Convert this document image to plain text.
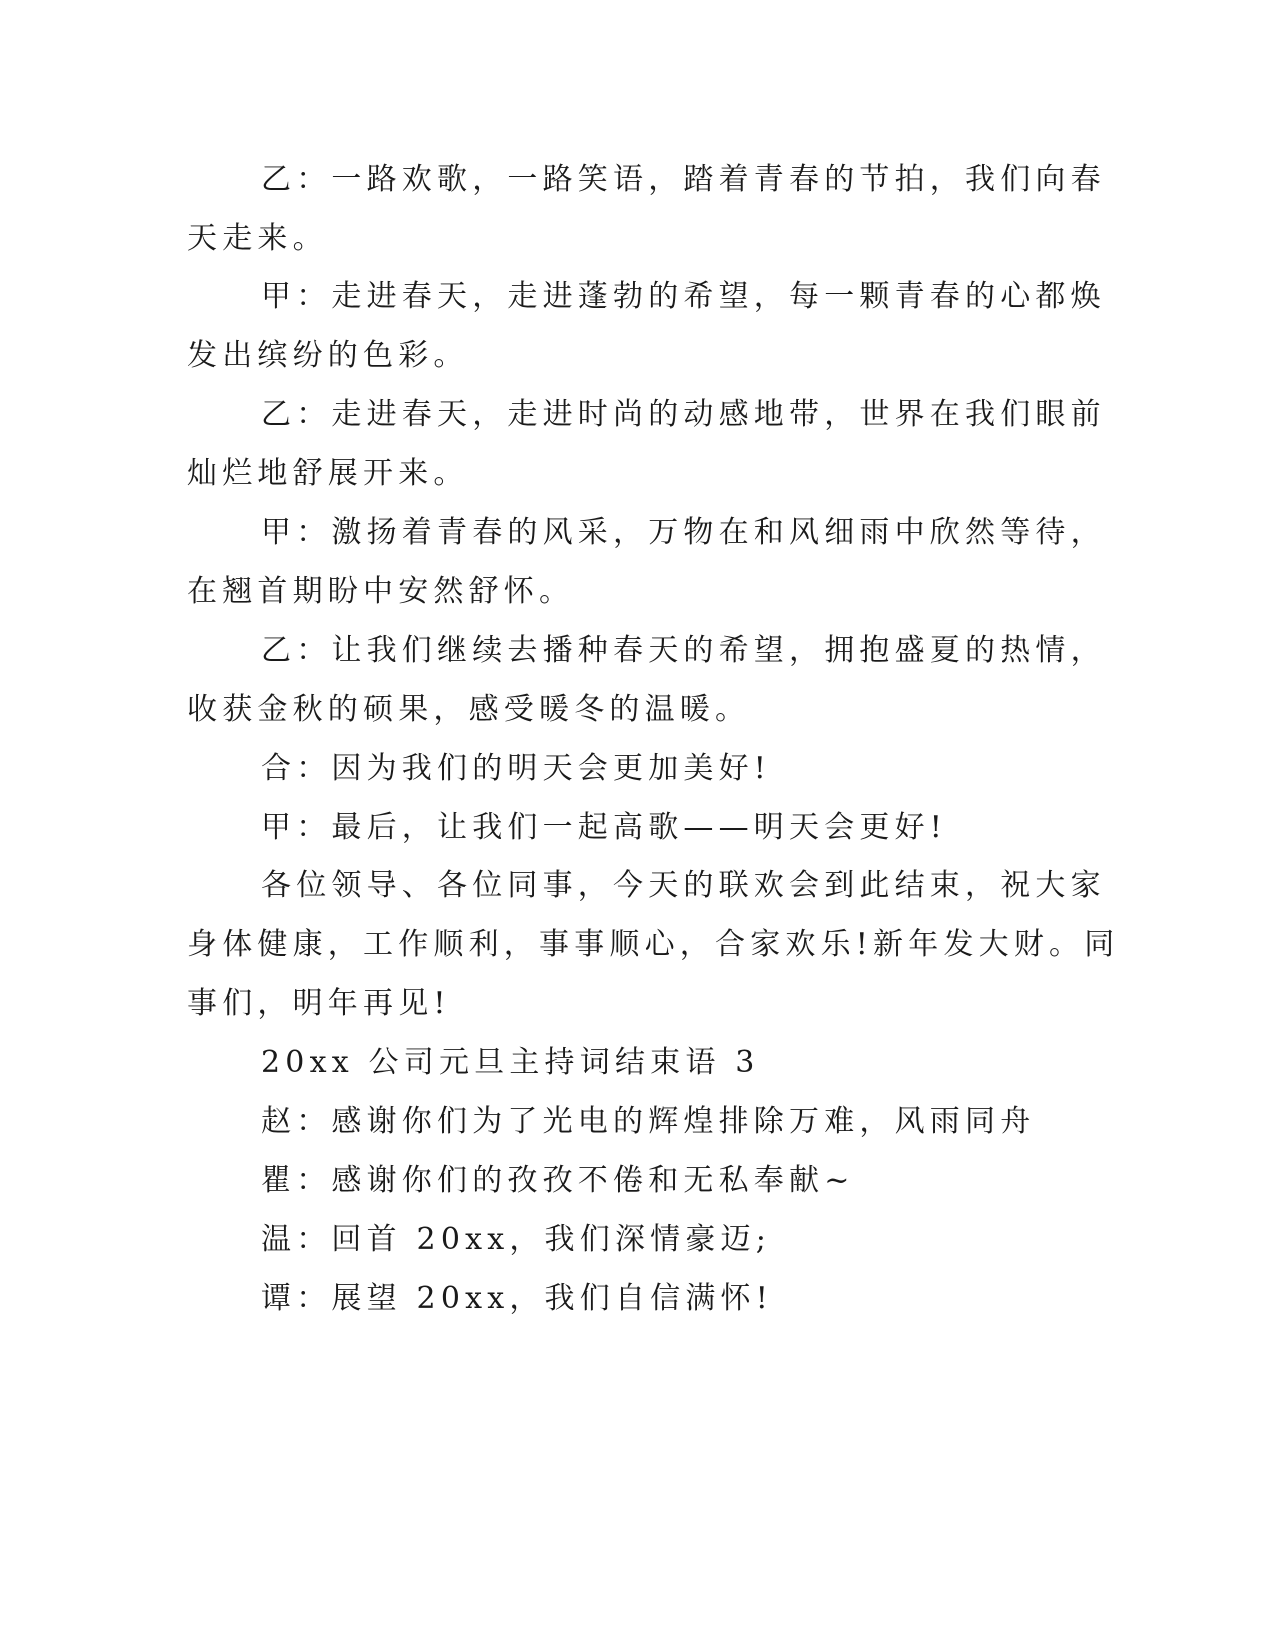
乙：一路欢歌，一路笑语，踏着青春的节拍，我们向春
天走来。
甲：走进春天，走进蓬勃的希望，每一颗青春的心都焕
发出缤纷的色彩。
乙：走进春天，走进时尚的动感地带，世界在我们眼前
灿烂地舒展开来。
甲：激扬着青春的风采，万物在和风细雨中欣然等待，
在翘首期盼中安然舒怀。
乙：让我们继续去播种春天的希望，拥抱盛夏的热情，
收获金秋的硕果，感受暖冬的温暖。
合：因为我们的明天会更加美好!
甲：最后，让我们一起高歌——明天会更好!
各位领导、各位同事，今天的联欢会到此结束，祝大家
身体健康，工作顺利，事事顺心，合家欢乐!新年发大财。同
事们，明年再见!
20xx 公司元旦主持词结束语 3
赵：感谢你们为了光电的辉煌排除万难，风雨同舟
瞿：感谢你们的孜孜不倦和无私奉献~
温：回首 20xx，我们深情豪迈;
谭：展望 20xx，我们自信满怀!
